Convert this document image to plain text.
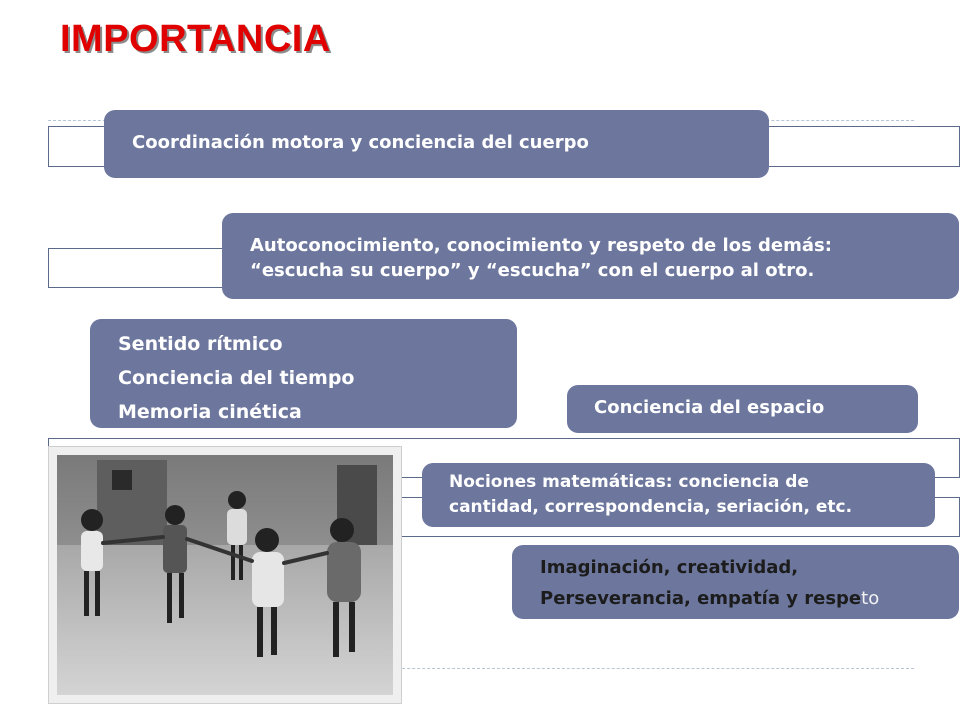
IMPORTANCIA
Coordinación motora y conciencia del cuerpo
Autoconocimiento, conocimiento y respeto de los demás:
“escucha su cuerpo” y “escucha” con el cuerpo al otro.
Sentido rítmico
Conciencia del tiempo
Memoria cinética	Conciencia del espacio
Nociones matemáticas: conciencia de
cantidad, correspondencia, seriación, etc.
Imaginación, creatividad,
Perseverancia, empatía y respeto
